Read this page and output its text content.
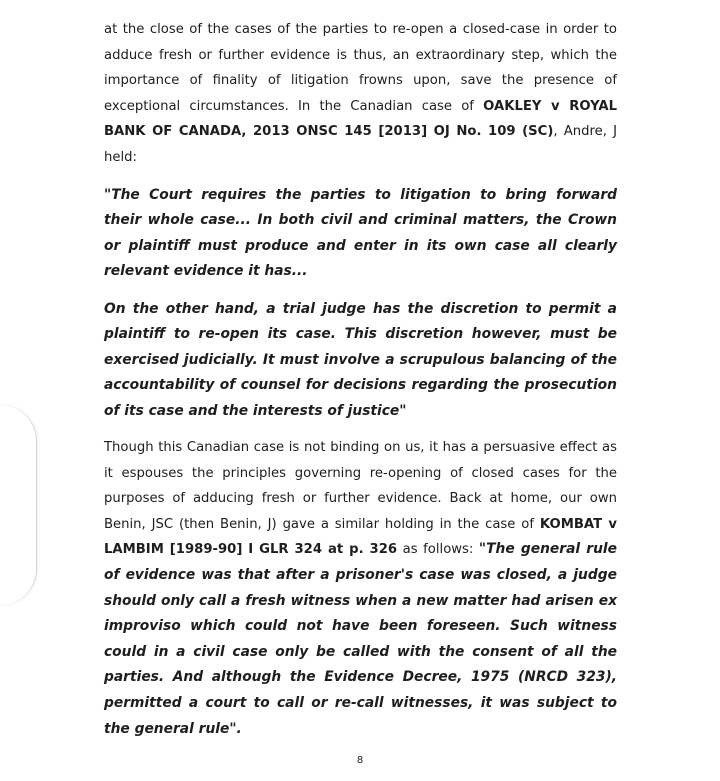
at the close of the cases of the parties to re-open a closed-case in order to adduce fresh or further evidence is thus, an extraordinary step, which the importance of finality of litigation frowns upon, save the presence of exceptional circumstances. In the Canadian case of OAKLEY v ROYAL BANK OF CANADA, 2013 ONSC 145 [2013] OJ No. 109 (SC), Andre, J held:

"The Court requires the parties to litigation to bring forward their whole case... In both civil and criminal matters, the Crown or plaintiff must produce and enter in its own case all clearly relevant evidence it has...

On the other hand, a trial judge has the discretion to permit a plaintiff to re-open its case. This discretion however, must be exercised judicially. It must involve a scrupulous balancing of the accountability of counsel for decisions regarding the prosecution of its case and the interests of justice"

Though this Canadian case is not binding on us, it has a persuasive effect as it espouses the principles governing re-opening of closed cases for the purposes of adducing fresh or further evidence. Back at home, our own Benin, JSC (then Benin, J) gave a similar holding in the case of KOMBAT v LAMBIM [1989-90] I GLR 324 at p. 326 as follows: "The general rule of evidence was that after a prisoner's case was closed, a judge should only call a fresh witness when a new matter had arisen ex improviso which could not have been foreseen. Such witness could in a civil case only be called with the consent of all the parties. And although the Evidence Decree, 1975 (NRCD 323), permitted a court to call or re-call witnesses, it was subject to the general rule".

8
